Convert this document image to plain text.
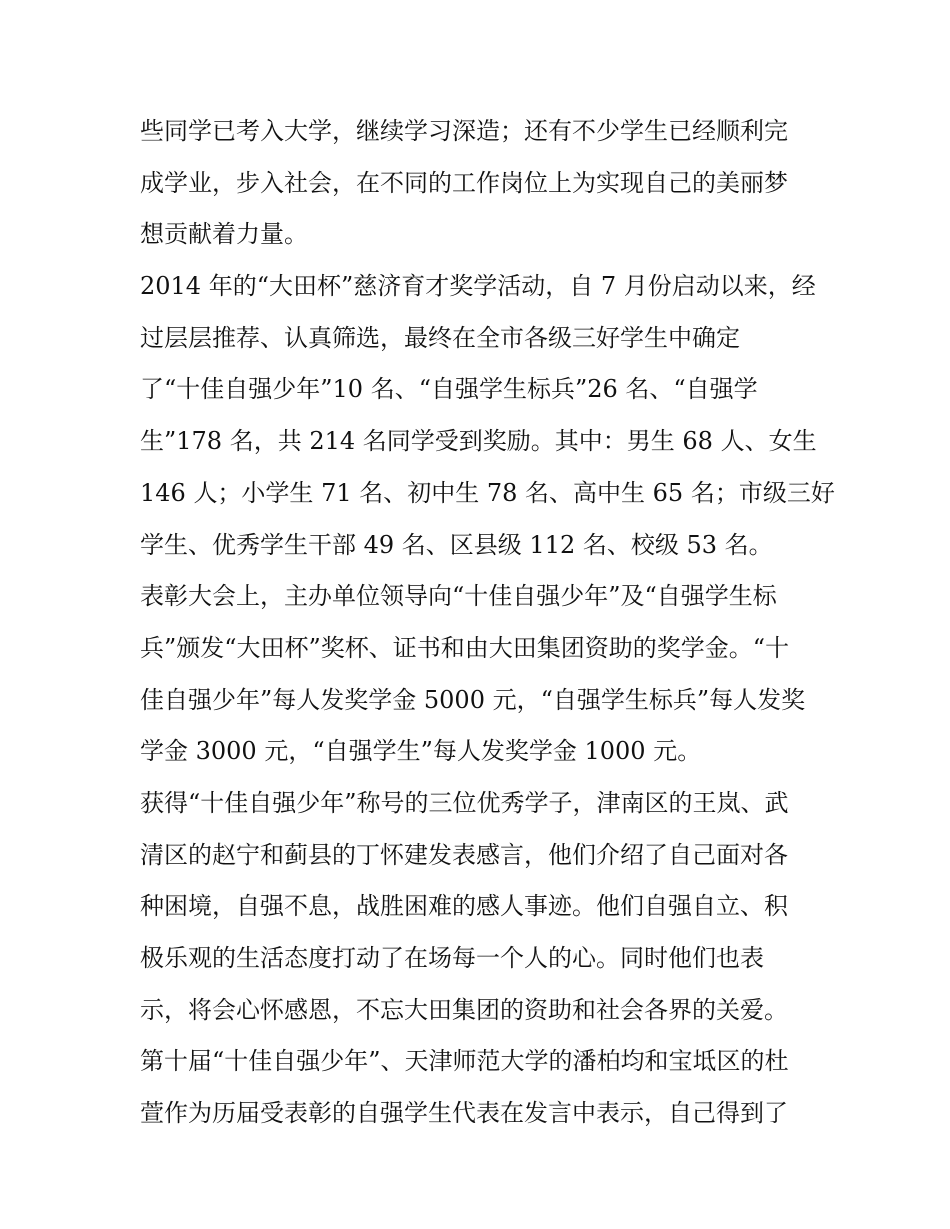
些同学已考入大学，继续学习深造；还有不少学生已经顺利完
成学业，步入社会，在不同的工作岗位上为实现自己的美丽梦
想贡献着力量。
2014 年的“大田杯”慈济育才奖学活动，自 7 月份启动以来，经
过层层推荐、认真筛选，最终在全市各级三好学生中确定
了“十佳自强少年”10 名、“自强学生标兵”26 名、“自强学
生”178 名，共 214 名同学受到奖励。其中：男生 68 人、女生
146 人；小学生 71 名、初中生 78 名、高中生 65 名；市级三好
学生、优秀学生干部 49 名、区县级 112 名、校级 53 名。
表彰大会上，主办单位领导向“十佳自强少年”及“自强学生标
兵”颁发“大田杯”奖杯、证书和由大田集团资助的奖学金。“十
佳自强少年”每人发奖学金 5000 元，“自强学生标兵”每人发奖
学金 3000 元，“自强学生”每人发奖学金 1000 元。
获得“十佳自强少年”称号的三位优秀学子，津南区的王岚、武
清区的赵宁和蓟县的丁怀建发表感言，他们介绍了自己面对各
种困境，自强不息，战胜困难的感人事迹。他们自强自立、积
极乐观的生活态度打动了在场每一个人的心。同时他们也表
示，将会心怀感恩，不忘大田集团的资助和社会各界的关爱。
第十届“十佳自强少年”、天津师范大学的潘柏均和宝坻区的杜
萱作为历届受表彰的自强学生代表在发言中表示，自己得到了
